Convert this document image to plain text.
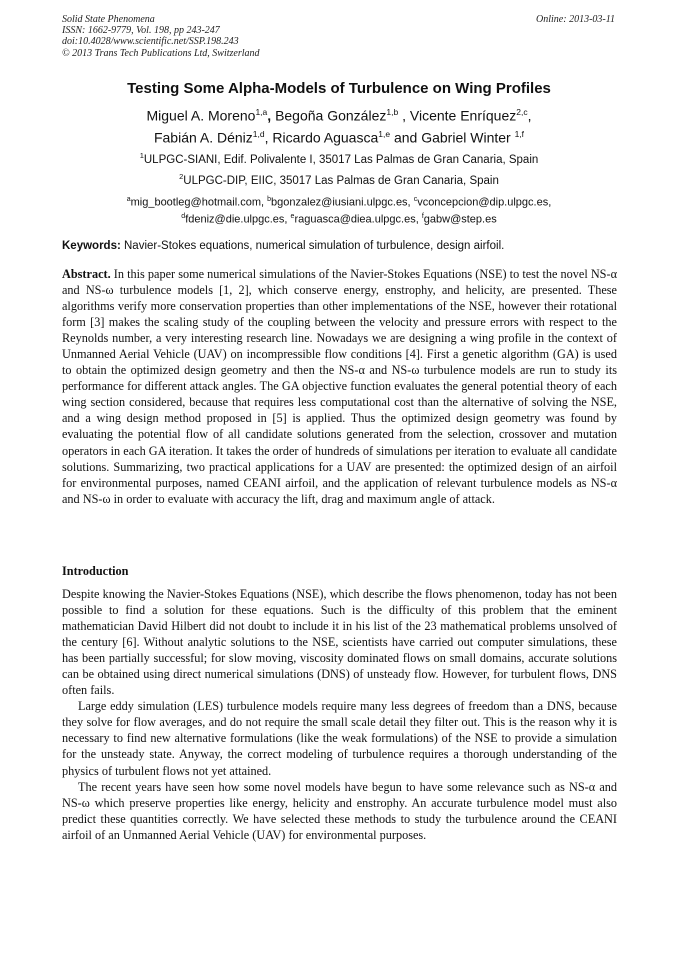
Solid State Phenomena
ISSN: 1662-9779, Vol. 198, pp 243-247
doi:10.4028/www.scientific.net/SSP.198.243
© 2013 Trans Tech Publications Ltd, Switzerland
Online: 2013-03-11
Testing Some Alpha-Models of Turbulence on Wing Profiles
Miguel A. Moreno$^{1,a}$, Begoña González$^{1,b}$ , Vicente Enríquez$^{2,c}$,
Fabián A. Déniz$^{1,d}$, Ricardo Aguasca$^{1,e}$ and Gabriel Winter $^{1,f}$
$^1$ULPGC-SIANI, Edif. Polivalente I, 35017 Las Palmas de Gran Canaria, Spain
$^2$ULPGC-DIP, EIIC, 35017 Las Palmas de Gran Canaria, Spain
$^a$mig_bootleg@hotmail.com, $^b$bgonzalez@iusiani.ulpgc.es, $^c$vconcepcion@dip.ulpgc.es,
$^d$fdeniz@die.ulpgc.es, $^e$raguasca@diea.ulpgc.es, $^f$gabw@step.es
Keywords: Navier-Stokes equations, numerical simulation of turbulence, design airfoil.

Abstract. In this paper some numerical simulations of the Navier-Stokes Equations (NSE) to test the novel NS-α and NS-ω turbulence models [1, 2], which conserve energy, enstrophy, and helicity, are presented. These algorithms verify more conservation properties than other implementations of the NSE, however their rotational form [3] makes the scaling study of the coupling between the velocity and pressure errors with respect to the Reynolds number, a very interesting research line. Nowadays we are designing a wing profile in the context of Unmanned Aerial Vehicle (UAV) on incompressible flow conditions [4]. First a genetic algorithm (GA) is used to obtain the optimized design geometry and then the NS-α and NS-ω turbulence models are run to study its performance for different attack angles. The GA objective function evaluates the general potential theory of each wing section considered, because that requires less computational cost than the alternative of solving the NSE, and a wing design method proposed in [5] is applied. Thus the optimized design geometry was found by evaluating the potential flow of all candidate solutions generated from the selection, crossover and mutation operators in each GA iteration. It takes the order of hundreds of simulations per iteration to evaluate all candidate solutions. Summarizing, two practical applications for a UAV are presented: the optimized design of an airfoil for environmental purposes, named CEANI airfoil, and the application of relevant turbulence models as NS-α and NS-ω in order to evaluate with accuracy the lift, drag and maximum angle of attack.

Introduction

Despite knowing the Navier-Stokes Equations (NSE), which describe the flows phenomenon, today has not been possible to find a solution for these equations. Such is the difficulty of this problem that the eminent mathematician David Hilbert did not doubt to include it in his list of the 23 mathematical problems unsolved of the century [6]. Without analytic solutions to the NSE, scientists have carried out computer simulations, these has been partially successful; for slow moving, viscosity dominated flows on small domains, accurate solutions can be obtained using direct numerical simulations (DNS) of unsteady flow. However, for turbulent flows, DNS often fails.

Large eddy simulation (LES) turbulence models require many less degrees of freedom than a DNS, because they solve for flow averages, and do not require the small scale detail they filter out. This is the reason why it is necessary to find new alternative formulations (like the weak formulations) of the NSE to provide a simulation for the unsteady state. Anyway, the correct modeling of turbulence requires a thorough understanding of the physics of turbulent flows not yet attained.

The recent years have seen how some novel models have begun to have some relevance such as NS-α and NS-ω which preserve properties like energy, helicity and enstrophy. An accurate turbulence model must also predict these quantities correctly. We have selected these methods to study the turbulence around the CEANI airfoil of an Unmanned Aerial Vehicle (UAV) for environmental purposes.
